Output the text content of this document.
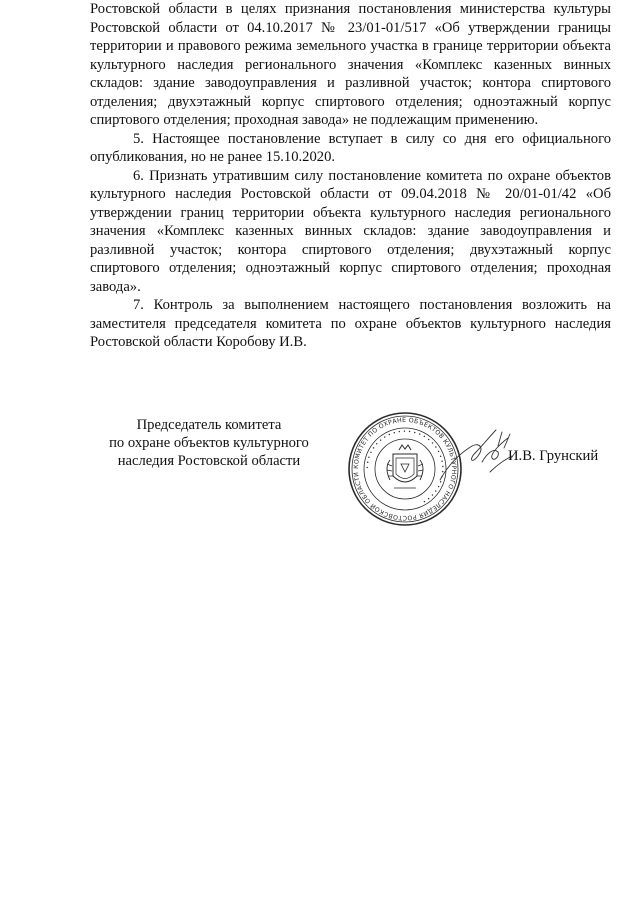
Ростовской области в целях признания постановления министерства культуры Ростовской области от 04.10.2017 № 23/01-01/517 «Об утверждении границы территории и правового режима земельного участка в границе территории объекта культурного наследия регионального значения «Комплекс казенных винных складов: здание заводоуправления и разливной участок; контора спиртового отделения; двухэтажный корпус спиртового отделения; одноэтажный корпус спиртового отделения; проходная завода» не подлежащим применению.

5. Настоящее постановление вступает в силу со дня его официального опубликования, но не ранее 15.10.2020.

6. Признать утратившим силу постановление комитета по охране объектов культурного наследия Ростовской области от 09.04.2018 № 20/01-01/42 «Об утверждении границ территории объекта культурного наследия регионального значения «Комплекс казенных винных складов: здание заводоуправления и разливной участок; контора спиртового отделения; двухэтажный корпус спиртового отделения; одноэтажный корпус спиртового отделения; проходная завода».

7. Контроль за выполнением настоящего постановления возложить на заместителя председателя комитета по охране объектов культурного наследия Ростовской области Коробову И.В.

Председатель комитета
по охране объектов культурного
наследия Ростовской области	КОМИТЕТ ПО ОХРАНЕ ОБЪЕКТОВ КУЛЬТУРНОГО НАСЛЕДИЯ РОСТОВСКОЙ ОБЛАСТИ
• • • • • • • • • • • • • • • • • • • • • • • • • • • • • • •
И.В. Грунский
